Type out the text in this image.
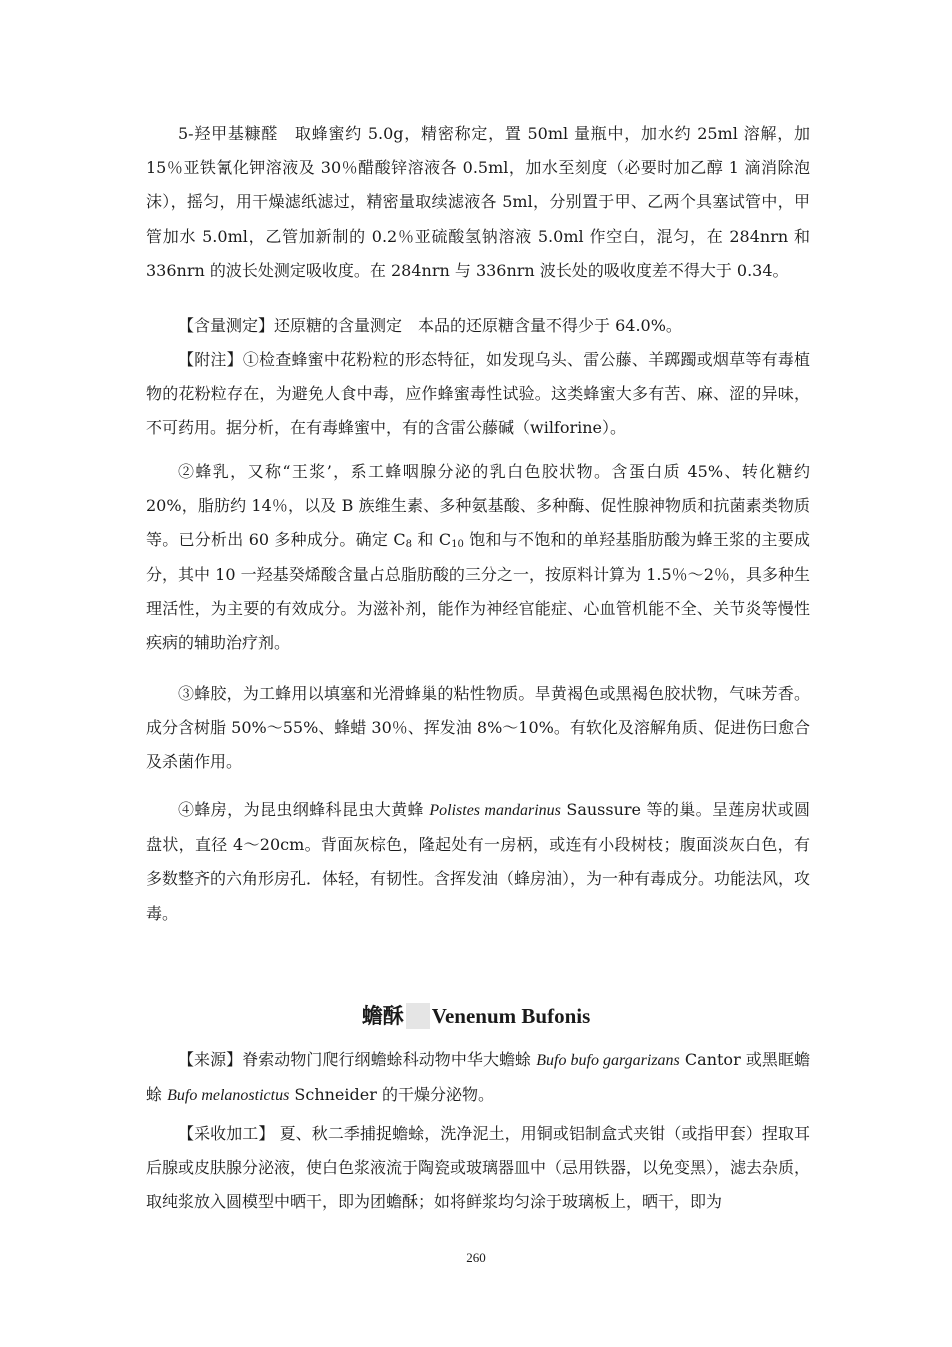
5-羟甲基糠醛　取蜂蜜约 5.0g，精密称定，置 50ml 量瓶中，加水约 25ml 溶解，加15％亚铁氰化钾溶液及 30％醋酸锌溶液各 0.5ml，加水至刻度（必要时加乙醇 1 滴消除泡沫），摇匀，用干燥滤纸滤过，精密量取续滤液各 5ml，分别置于甲、乙两个具塞试管中，甲管加水 5.0ml，乙管加新制的 0.2％亚硫酸氢钠溶液 5.0ml 作空白，混匀，在 284nrn 和 336nrn 的波长处测定吸收度。在 284nrn 与 336nrn 波长处的吸收度差不得大于 0.34。

【含量测定】还原糖的含量测定　本品的还原糖含量不得少于 64.0%。

【附注】①检查蜂蜜中花粉粒的形态特征，如发现乌头、雷公藤、羊踯躅或烟草等有毒植物的花粉粒存在，为避免人食中毒，应作蜂蜜毒性试验。这类蜂蜜大多有苦、麻、涩的异味，不可药用。据分析，在有毒蜂蜜中，有的含雷公藤碱（wilforine）。

②蜂乳，又称“王浆’，系工蜂咽腺分泌的乳白色胶状物。含蛋白质 45%、转化糖约 20%，脂肪约 14％，以及 B 族维生素、多种氨基酸、多种酶、促性腺神物质和抗菌素类物质等。已分析出 60 多种成分。确定 $C_8$ 和 $C_{10}$ 饱和与不饱和的单羟基脂肪酸为蜂王浆的主要成分，其中 10 一羟基癸烯酸含量占总脂肪酸的三分之一，按原料计算为 1.5％～2％，具多种生理活性，为主要的有效成分。为滋补剂，能作为神经官能症、心血管机能不全、关节炎等慢性疾病的辅助治疗剂。

③蜂胶，为工蜂用以填塞和光滑蜂巢的粘性物质。旱黄褐色或黑褐色胶状物，气味芳香。成分含树脂 50%～55%、蜂蜡 30％、挥发油 8%～10%。有软化及溶解角质、促进伤曰愈合及杀菌作用。

④蜂房，为昆虫纲蜂科昆虫大黄蜂 Polistes mandarinus Saussure 等的巢。呈莲房状或圆盘状，直径 4～20cm。背面灰棕色，隆起处有一房柄，或连有小段树枝；腹面淡灰白色，有多数整齐的六角形房孔．体轻，有韧性。含挥发油（蜂房油），为一种有毒成分。功能法风，攻毒。

蟾酥 Venenum Bufonis

【来源】脊索动物门爬行纲蟾蜍科动物中华大蟾蜍 Bufo bufo gargarizans Cantor 或黑眶蟾蜍 Bufo melanostictus Schneider 的干燥分泌物。

【采收加工】 夏、秋二季捕捉蟾蜍，洗净泥土，用铜或铝制盒式夹钳（或指甲套）捏取耳后腺或皮肤腺分泌液，使白色浆液流于陶瓷或玻璃器皿中（忌用铁器，以免变黑），滤去杂质，取纯浆放入圆模型中晒干，即为团蟾酥；如将鲜浆均匀涂于玻璃板上，晒干，即为

260
